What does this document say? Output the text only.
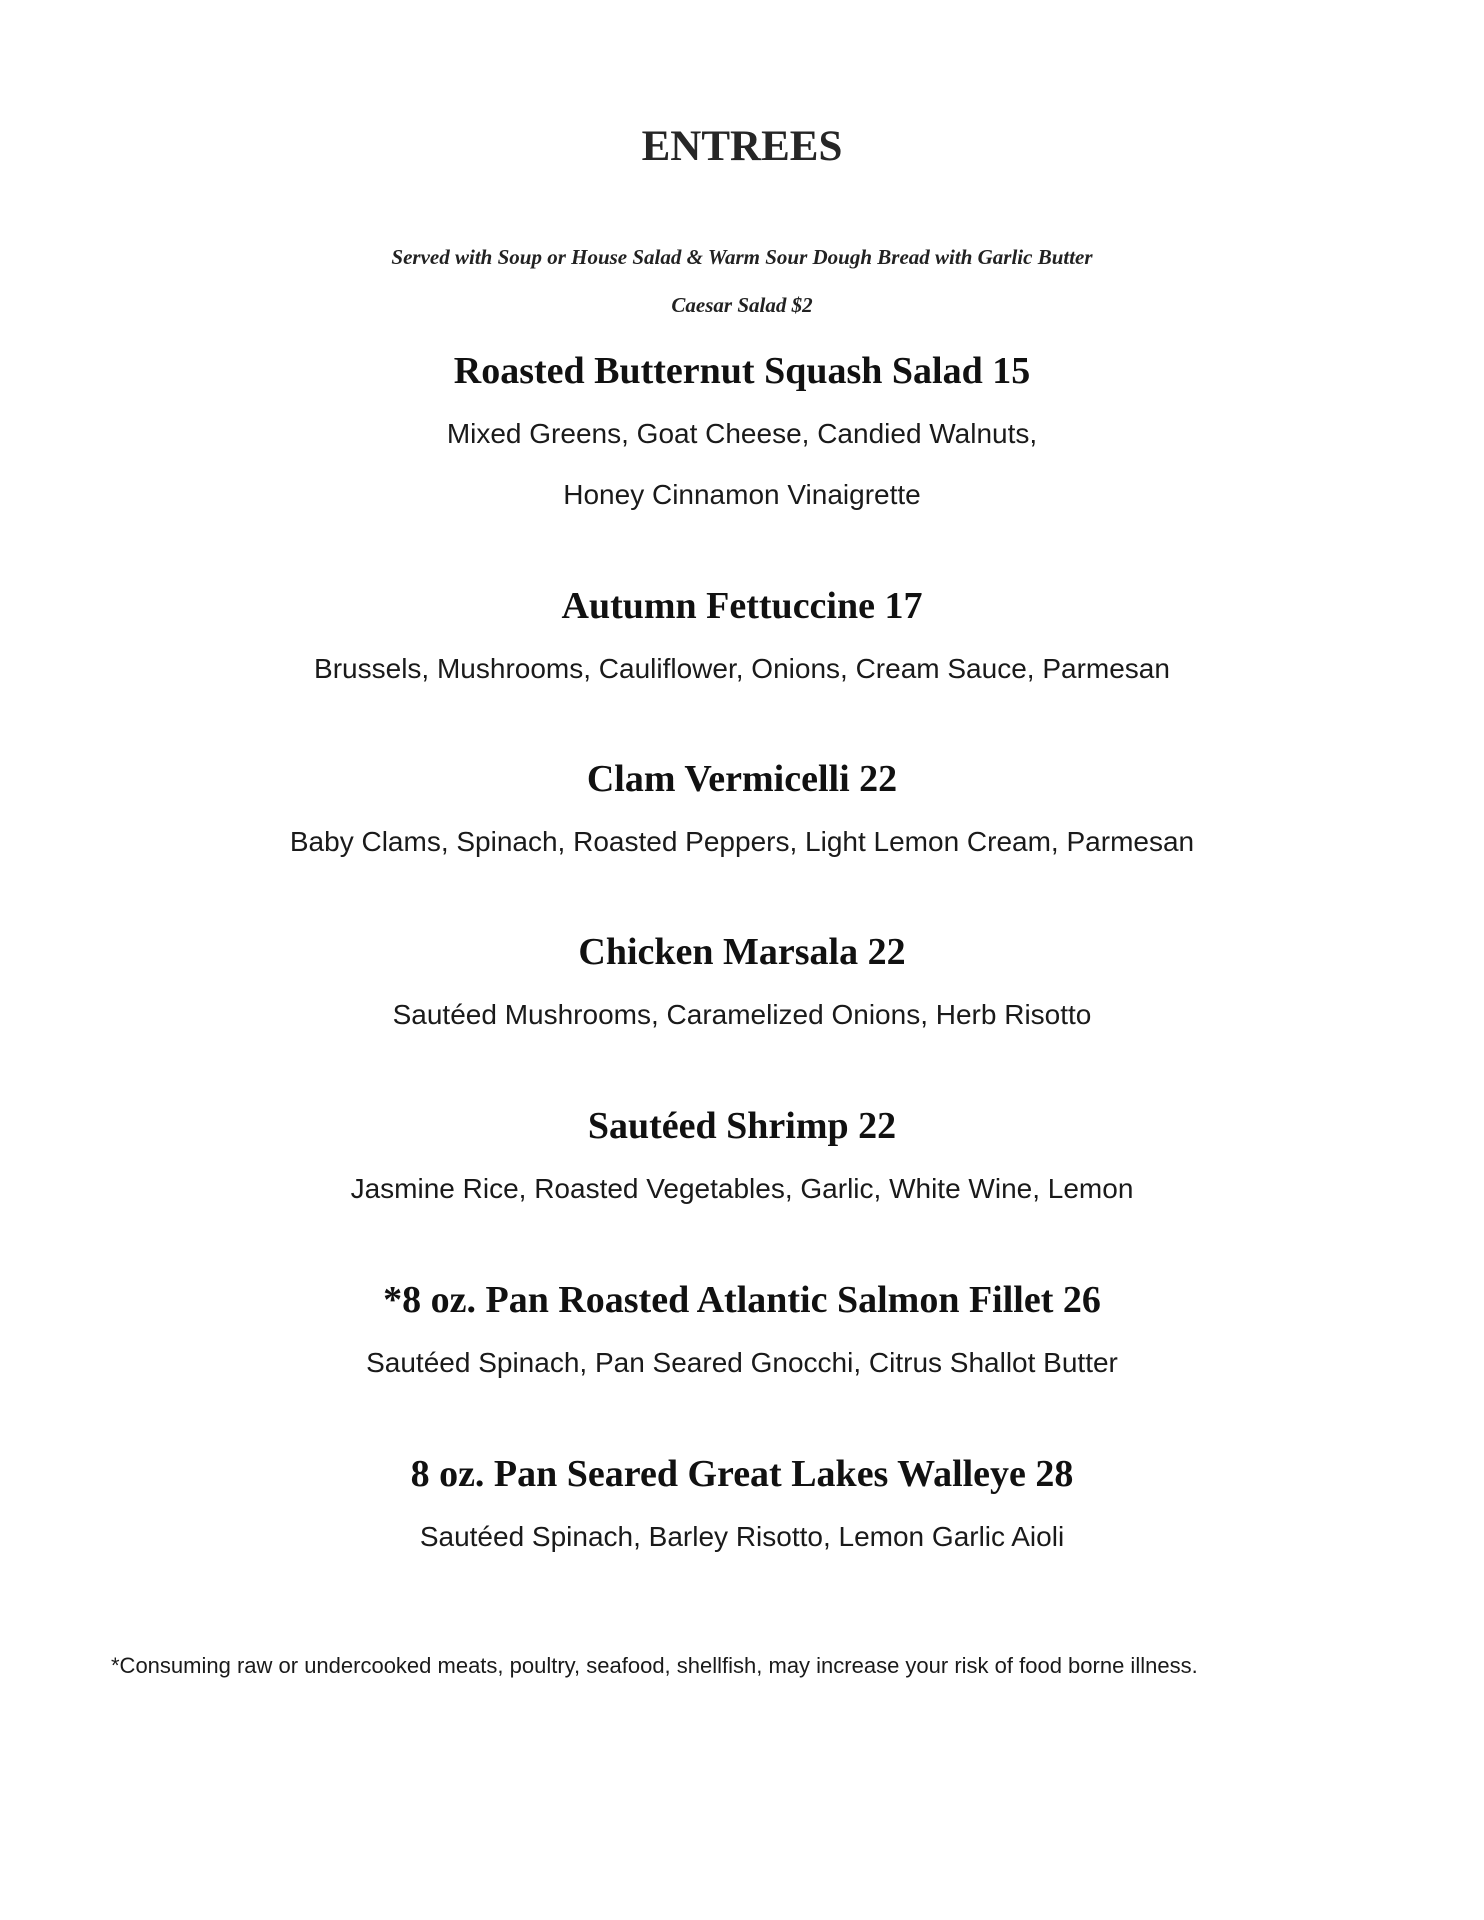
ENTREES
Served with Soup or House Salad & Warm Sour Dough Bread with Garlic Butter
Caesar Salad $2
Roasted Butternut Squash Salad 15
Mixed Greens, Goat Cheese, Candied Walnuts,
Honey Cinnamon Vinaigrette
Autumn Fettuccine 17
Brussels, Mushrooms, Cauliflower, Onions, Cream Sauce, Parmesan
Clam Vermicelli 22
Baby Clams, Spinach, Roasted Peppers, Light Lemon Cream, Parmesan
Chicken Marsala 22
Sautéed Mushrooms, Caramelized Onions, Herb Risotto
Sautéed Shrimp 22
Jasmine Rice, Roasted Vegetables, Garlic, White Wine, Lemon
*8 oz. Pan Roasted Atlantic Salmon Fillet 26
Sautéed Spinach, Pan Seared Gnocchi, Citrus Shallot Butter
8 oz. Pan Seared Great Lakes Walleye 28
Sautéed Spinach, Barley Risotto, Lemon Garlic Aioli
*Consuming raw or undercooked meats, poultry, seafood, shellfish, may increase your risk of food borne illness.
